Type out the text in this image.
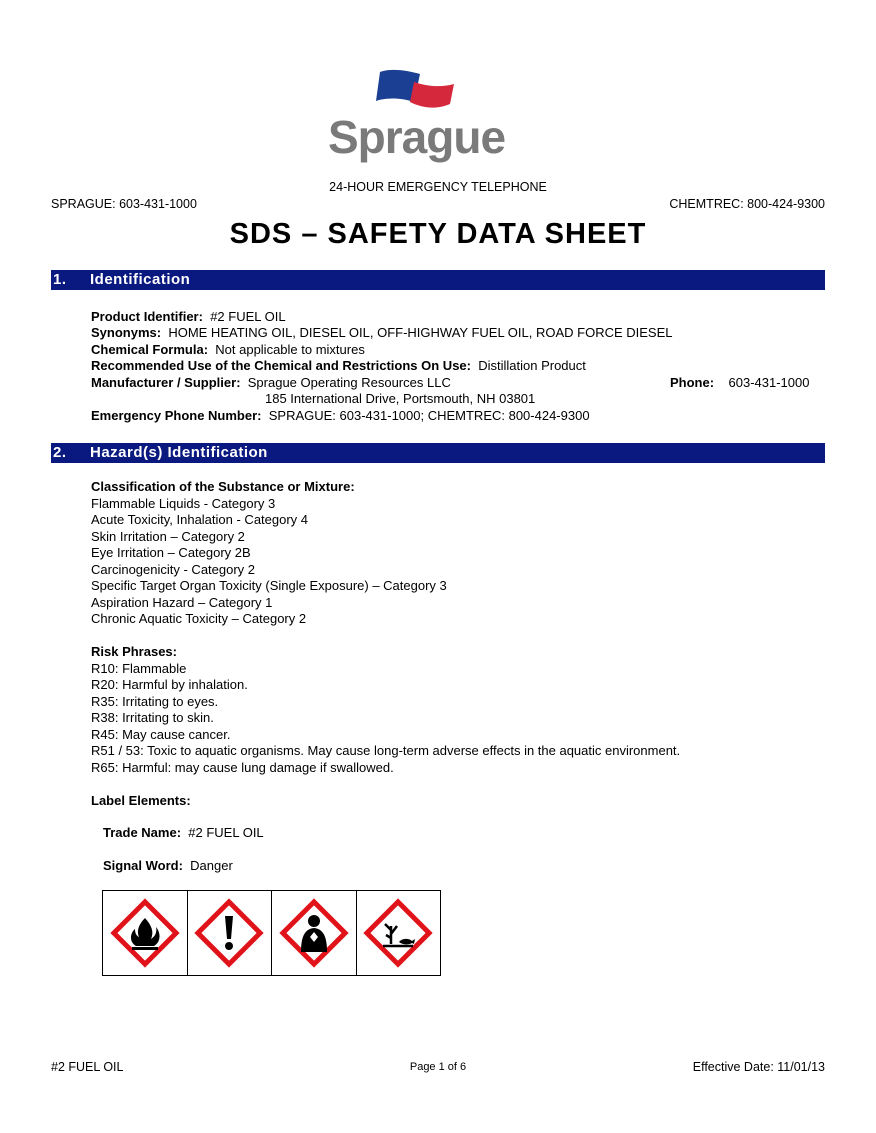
Sprague
24-HOUR EMERGENCY TELEPHONE
SPRAGUE: 603-431-1000	CHEMTREC: 800-424-9300
SDS – SAFETY DATA SHEET
1. Identification
Product Identifier: #2 FUEL OIL
Synonyms: HOME HEATING OIL, DIESEL OIL, OFF-HIGHWAY FUEL OIL, ROAD FORCE DIESEL
Chemical Formula: Not applicable to mixtures
Recommended Use of the Chemical and Restrictions On Use: Distillation Product
Manufacturer / Supplier: Sprague Operating Resources LLC	Phone: 603-431-1000
185 International Drive, Portsmouth, NH 03801
Emergency Phone Number: SPRAGUE: 603-431-1000; CHEMTREC: 800-424-9300
2. Hazard(s) Identification
Classification of the Substance or Mixture:
Flammable Liquids - Category 3
Acute Toxicity, Inhalation - Category 4
Skin Irritation – Category 2
Eye Irritation – Category 2B
Carcinogenicity - Category 2
Specific Target Organ Toxicity (Single Exposure) – Category 3
Aspiration Hazard – Category 1
Chronic Aquatic Toxicity – Category 2
Risk Phrases:
R10: Flammable
R20: Harmful by inhalation.
R35: Irritating to eyes.
R38: Irritating to skin.
R45: May cause cancer.
R51 / 53: Toxic to aquatic organisms. May cause long-term adverse effects in the aquatic environment.
R65: Harmful: may cause lung damage if swallowed.
Label Elements:
Trade Name: #2 FUEL OIL
Signal Word: Danger
#2 FUEL OIL	Page 1 of 6	Effective Date: 11/01/13
